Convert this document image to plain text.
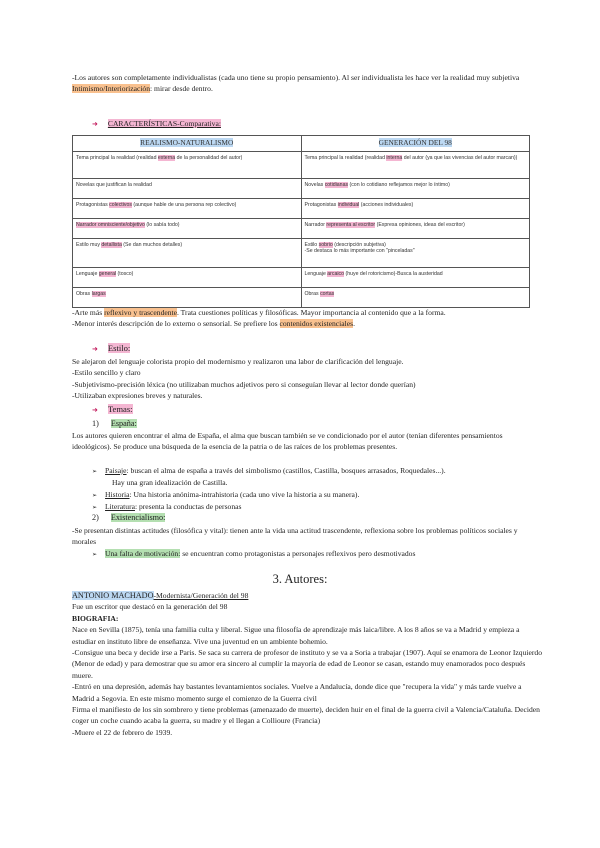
-Los autores son completamente individualistas (cada uno tiene su propio pensamiento). Al ser individualista les hace ver la realidad muy subjetiva
Intimismo/Interiorización: mirar desde dentro.

➜ CARACTERÍSTICAS-Comparativa:

REALISMO-NATURALISMO	GENERACIÓN DEL 98
Tema principal la realidad (realidad externa de la personalidad del autor)	Tema principal la realidad (realidad interna del autor (ya que las vivencias del autor marcan))
Novelas que justifican la realidad	Novelas cotidianas (con lo cotidiano reflejamos mejor lo íntimo)
Protagonistas colectivos (aunque hable de una persona rep colectivo)	Protagonistas individual (acciones individuales)
Narrador omnisciente/objetivo (lo sabía todo)	Narrador representa al escritor (Expresa opiniones, ideas del escritor)
Estilo muy detallista (Se dan muchos detalles)	Estilo sobrio (descripción subjetiva)
-Se destaca lo más importante con "pinceladas"
Lenguaje general (tosco)	Lenguaje arcaico (huye del rotoricismo)-Busca la austeridad
Obras largas	Obras cortas

-Arte más reflexivo y trascendente. Trata cuestiones políticas y filosóficas. Mayor importancia al contenido que a la forma.
-Menor interés descripción de lo externo o sensorial. Se prefiere los contenidos existenciales.

➜ Estilo:

Se alejaron del lenguaje colorista propio del modernismo y realizaron una labor de clarificación del lenguaje.
-Estilo sencillo y claro
-Subjetivismo-precisión léxica (no utilizaban muchos adjetivos pero si conseguían llevar al lector donde querían)
-Utilizaban expresiones breves y naturales.

➜ Temas:

1) España:

Los autores quieren encontrar el alma de España, el alma que buscan también se ve condicionado por el autor (tenían diferentes pensamientos ideológicos). Se produce una búsqueda de la esencia de la patria o de las raíces de los problemas presentes.

➢ Paisaje: buscan el alma de españa a través del simbolismo (castillos, Castilla, bosques arrasados, Roquedales...).
Hay una gran idealización de Castilla.
➢ Historia: Una historia anónima-intrahistoria (cada uno vive la historia a su manera).
➢ Literatura: presenta la conductas de personas

2) Existencialismo:

-Se presentan distintas actitudes (filosófica y vital): tienen ante la vida una actitud trascendente, reflexiona sobre los problemas políticos sociales y morales

➢ Una falta de motivación: se encuentran como protagonistas a personajes reflexivos pero desmotivados

3. Autores:

ANTONIO MACHADO-Modernista/Generación del 98
Fue un escritor que destacó en la generación del 98
BIOGRAFIA:
Nace en Sevilla (1875), tenía una familia culta y liberal. Sigue una filosofía de aprendizaje más laica/libre. A los 8 años se va a Madrid y empieza a estudiar en instituto libre de enseñanza. Vive una juventud en un ambiente bohemio.
-Consigue una beca y decide irse a Paris. Se saca su carrera de profesor de instituto y se va a Soria a trabajar (1907). Aquí se enamora de Leonor Izquierdo (Menor de edad) y para demostrar que su amor era sincero al cumplir la mayoría de edad de Leonor se casan, estando muy enamorados poco después muere.
-Entró en una depresión, además hay bastantes levantamientos sociales. Vuelve a Andalucía, donde dice que "recupera la vida" y más tarde vuelve a Madrid a Segovia. En este mismo momento surge el comienzo de la Guerra civil
Firma el manifiesto de los sin sombrero y tiene problemas (amenazado de muerte), deciden huir en el final de la guerra civil a Valencia/Cataluña. Deciden coger un coche cuando acaba la guerra, su madre y el llegan a Collioure (Francia)
-Muere el 22 de febrero de 1939.
